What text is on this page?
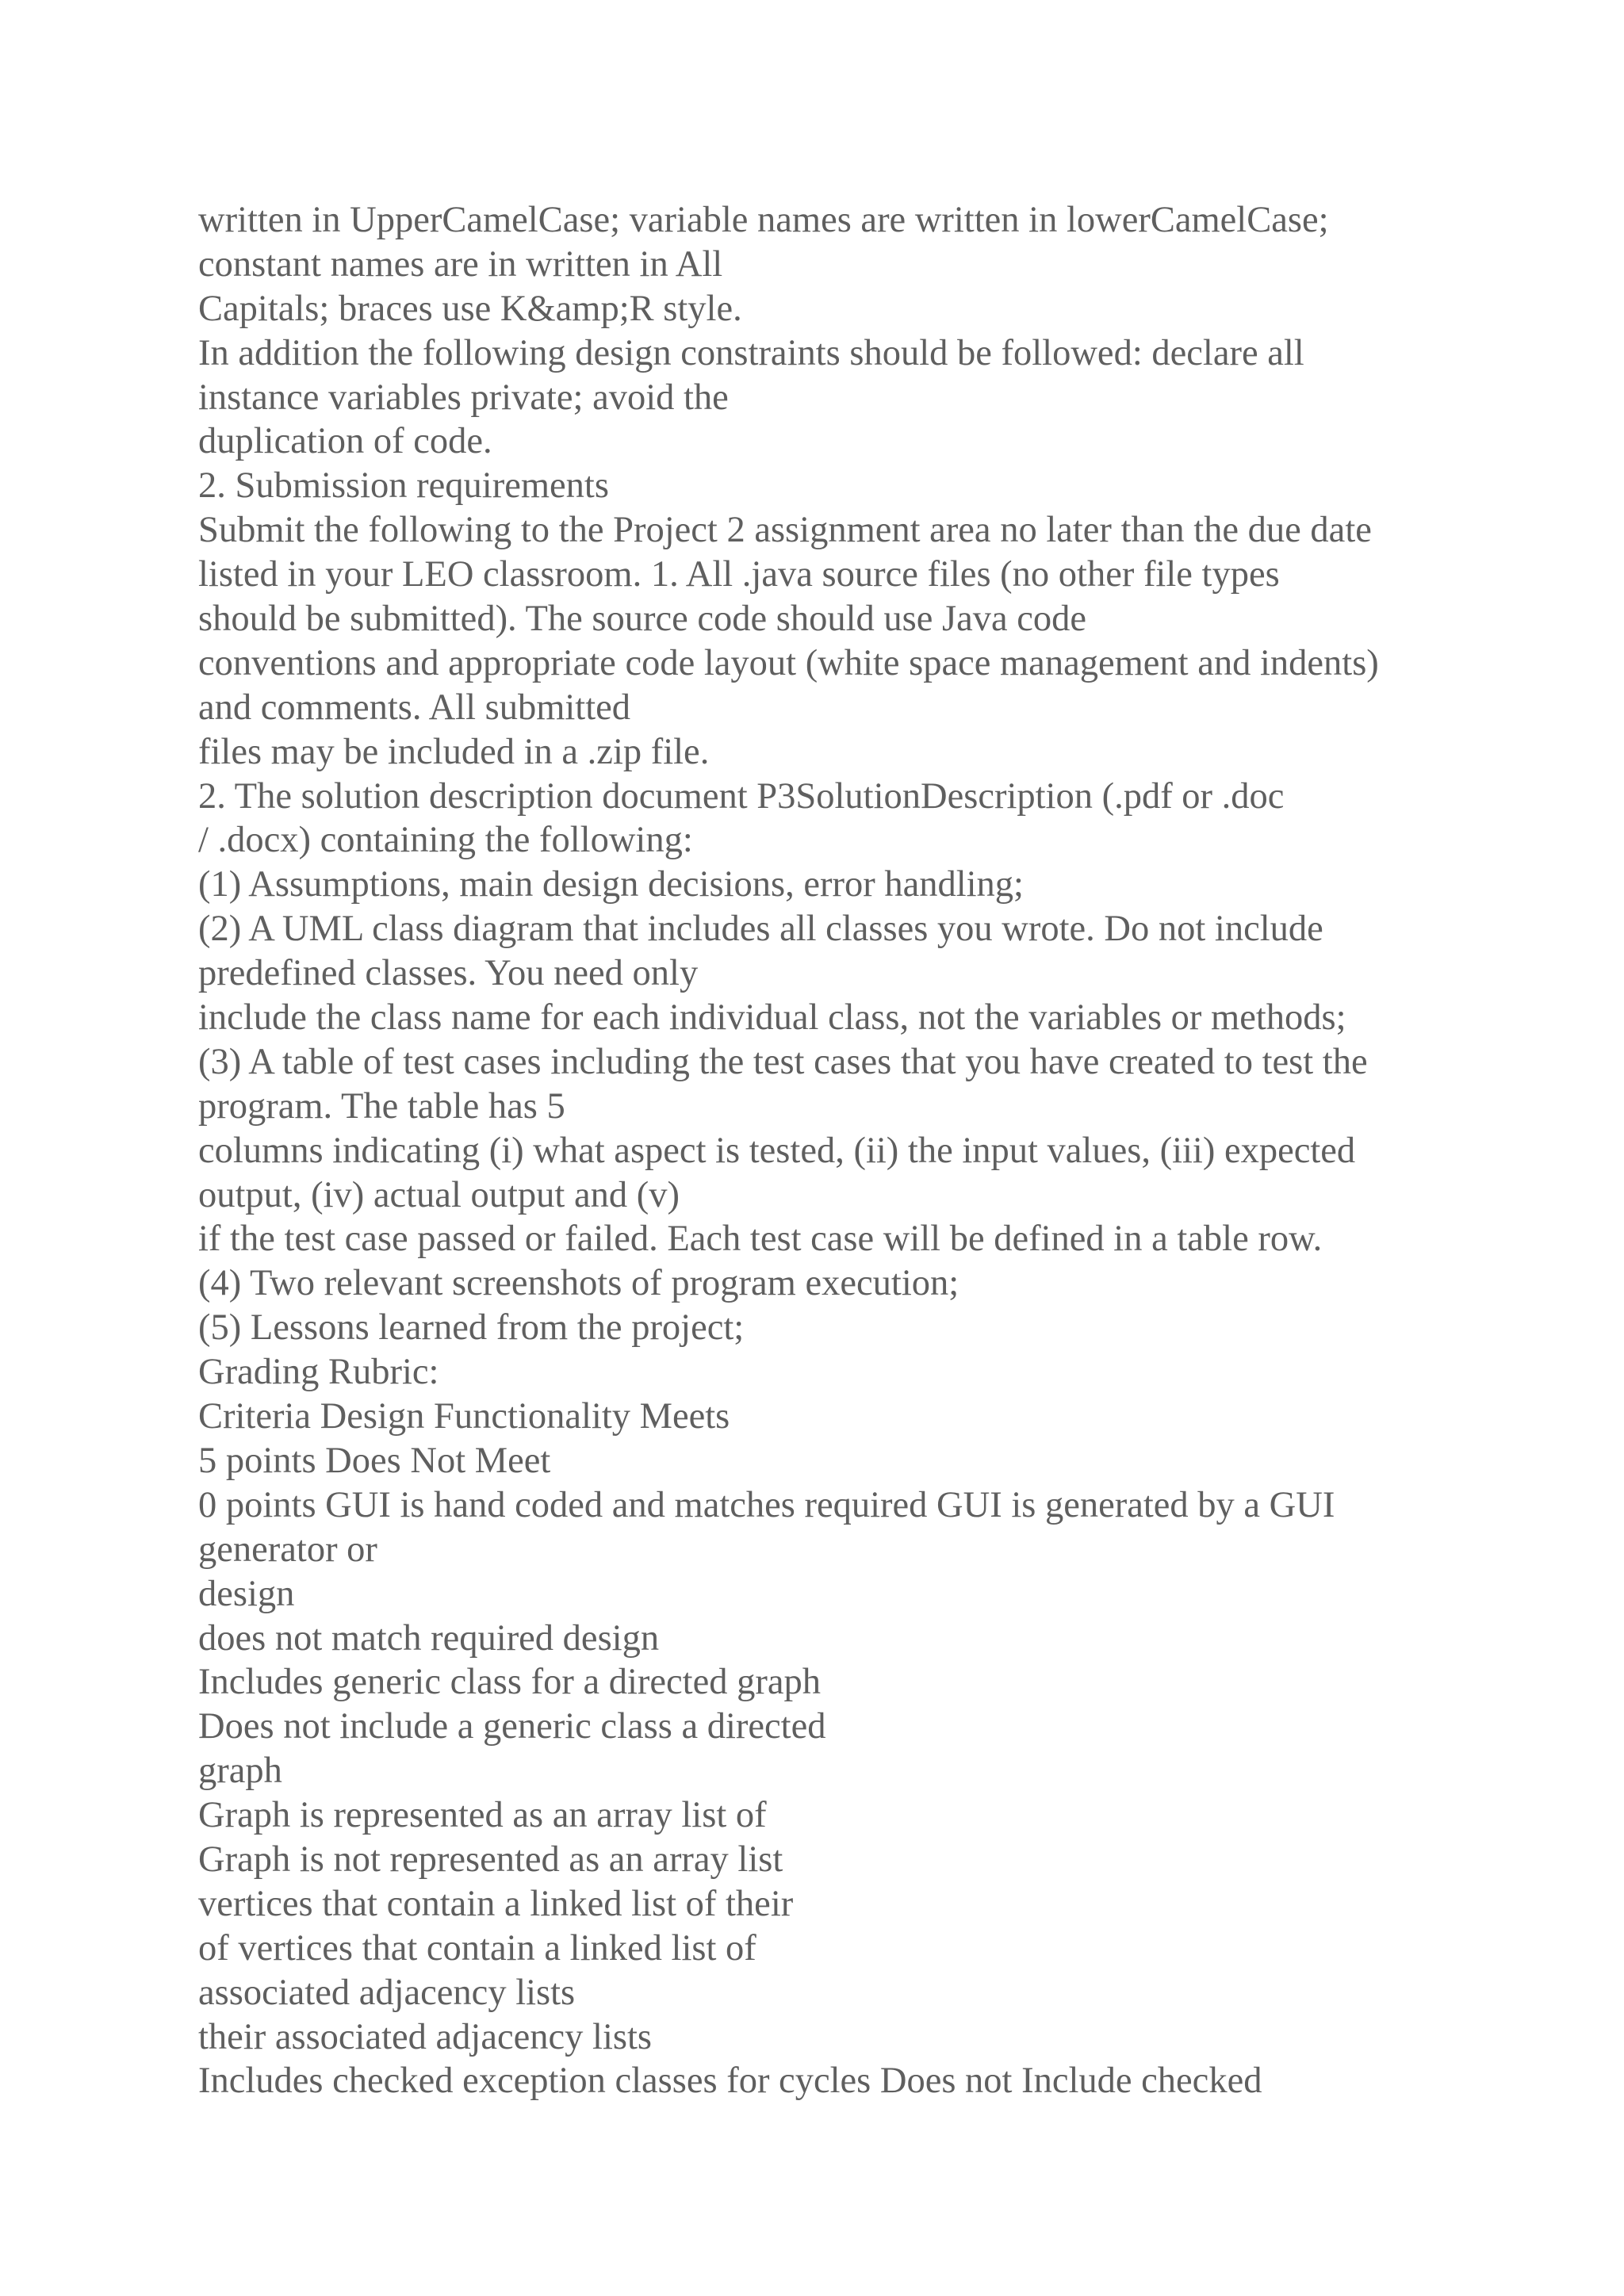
written in UpperCamelCase; variable names are written in lowerCamelCase;
constant names are in written in All
Capitals; braces use K&amp;R style.
In addition the following design constraints should be followed: declare all
instance variables private; avoid the
duplication of code.
2. Submission requirements
Submit the following to the Project 2 assignment area no later than the due date
listed in your LEO classroom. 1. All .java source files (no other file types
should be submitted). The source code should use Java code
conventions and appropriate code layout (white space management and indents)
and comments. All submitted
files may be included in a .zip file.
2. The solution description document P3SolutionDescription (.pdf or .doc
/ .docx) containing the following:
(1) Assumptions, main design decisions, error handling;
(2) A UML class diagram that includes all classes you wrote. Do not include
predefined classes. You need only
include the class name for each individual class, not the variables or methods;
(3) A table of test cases including the test cases that you have created to test the
program. The table has 5
columns indicating (i) what aspect is tested, (ii) the input values, (iii) expected
output, (iv) actual output and (v)
if the test case passed or failed. Each test case will be defined in a table row.
(4) Two relevant screenshots of program execution;
(5) Lessons learned from the project;
Grading Rubric:
Criteria Design Functionality Meets
5 points Does Not Meet
0 points GUI is hand coded and matches required GUI is generated by a GUI
generator or
design
does not match required design
Includes generic class for a directed graph
Does not include a generic class a directed
graph
Graph is represented as an array list of
Graph is not represented as an array list
vertices that contain a linked list of their
of vertices that contain a linked list of
associated adjacency lists
their associated adjacency lists
Includes checked exception classes for cycles Does not Include checked
